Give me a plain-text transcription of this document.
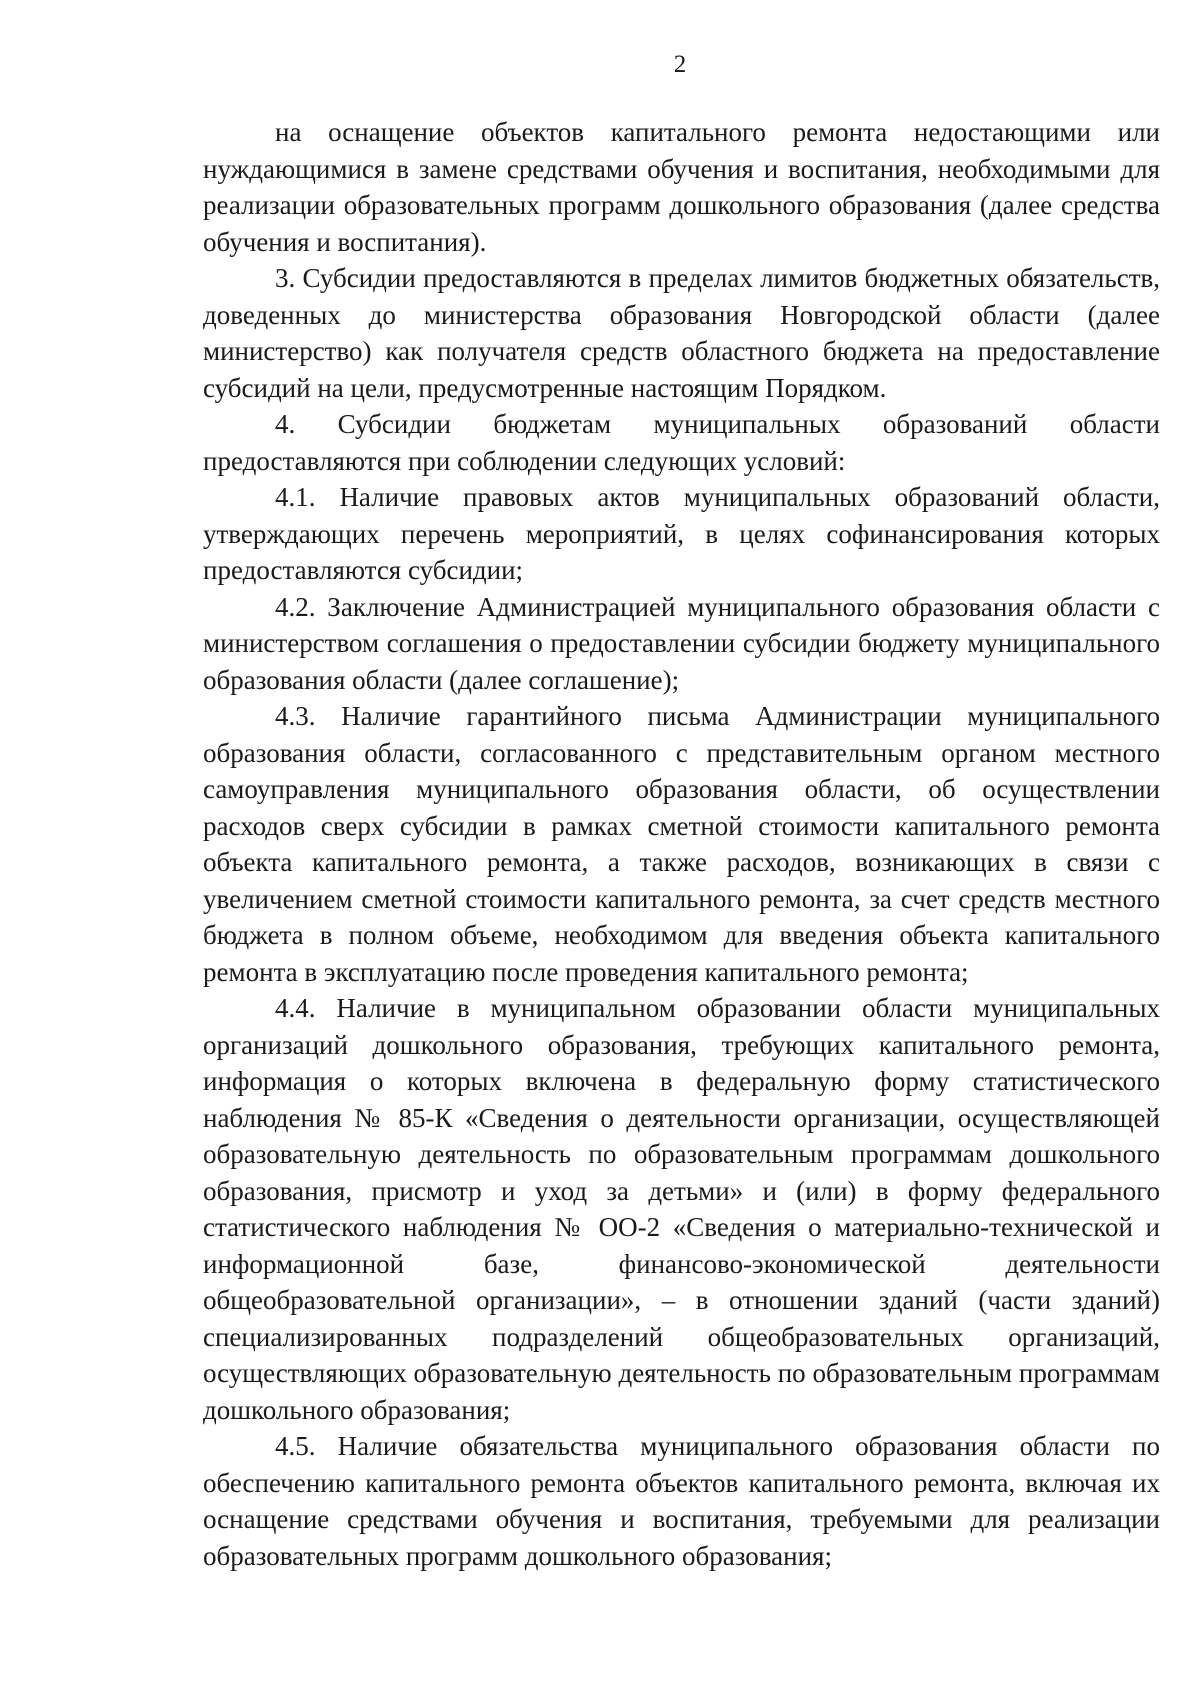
2

на оснащение объектов капитального ремонта недостающими или нуждающимися в замене средствами обучения и воспитания, необходимыми для реализации образовательных программ дошкольного образования (далее средства обучения и воспитания).

3. Субсидии предоставляются в пределах лимитов бюджетных обязательств, доведенных до министерства образования Новгородской области (далее министерство) как получателя средств областного бюджета на предоставление субсидий на цели, предусмотренные настоящим Порядком.

4. Субсидии бюджетам муниципальных образований области предоставляются при соблюдении следующих условий:

4.1. Наличие правовых актов муниципальных образований области, утверждающих перечень мероприятий, в целях софинансирования которых предоставляются субсидии;

4.2. Заключение Администрацией муниципального образования области с министерством соглашения о предоставлении субсидии бюджету муниципального образования области (далее соглашение);

4.3. Наличие гарантийного письма Администрации муниципального образования области, согласованного с представительным органом местного самоуправления муниципального образования области, об осуществлении расходов сверх субсидии в рамках сметной стоимости капитального ремонта объекта капитального ремонта, а также расходов, возникающих в связи с увеличением сметной стоимости капитального ремонта, за счет средств местного бюджета в полном объеме, необходимом для введения объекта капитального ремонта в эксплуатацию после проведения капитального ремонта;

4.4. Наличие в муниципальном образовании области муниципальных организаций дошкольного образования, требующих капитального ремонта, информация о которых включена в федеральную форму статистического наблюдения № 85-К «Сведения о деятельности организации, осуществляющей образовательную деятельность по образовательным программам дошкольного образования, присмотр и уход за детьми» и (или) в форму федерального статистического наблюдения № ОО-2 «Сведения о материально-технической и информационной базе, финансово-экономической деятельности общеобразовательной организации», – в отношении зданий (части зданий) специализированных подразделений общеобразовательных организаций, осуществляющих образовательную деятельность по образовательным программам дошкольного образования;

4.5. Наличие обязательства муниципального образования области по обеспечению капитального ремонта объектов капитального ремонта, включая их оснащение средствами обучения и воспитания, требуемыми для реализации образовательных программ дошкольного образования;
